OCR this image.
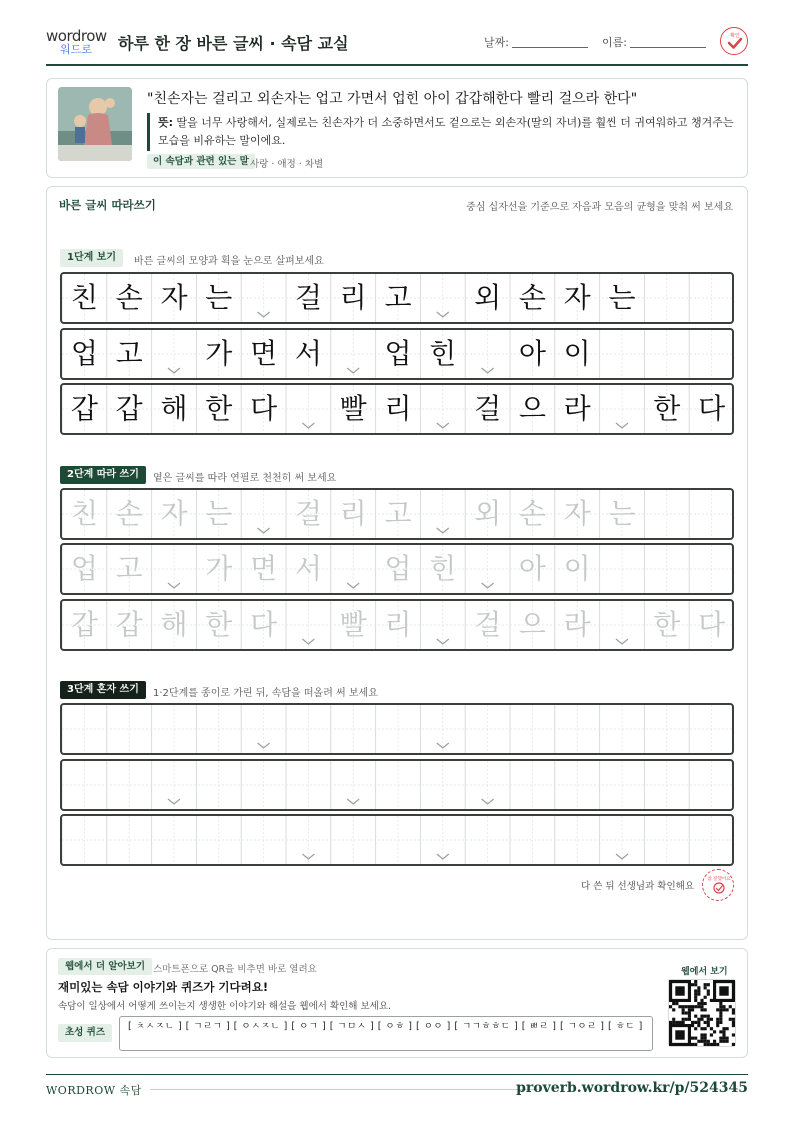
wordrow
워드로	하루 한 장 바른 글씨 · 속담 교실	날짜:	이름:	확인
"친손자는 걸리고 외손자는 업고 가면서 업힌 아이 갑갑해한다 빨리 걸으라 한다"
뜻: 딸을 너무 사랑해서, 실제로는 친손자가 더 소중하면서도 겉으로는 외손자(딸의 자녀)를 훨씬 더 귀여워하고 챙겨주는 모습을 비유하는 말이에요.
이 속담과 관련 있는 말 사랑 · 애정 · 차별
바른 글씨 따라쓰기	중심 십자선을 기준으로 자음과 모음의 균형을 맞춰 써 보세요
1단계 보기	바른 글씨의 모양과 획을 눈으로 살펴보세요
2단계 따라 쓰기	옅은 글씨를 따라 연필로 천천히 써 보세요
3단계 혼자 쓰기	1·2단계를 종이로 가린 뒤, 속담을 떠올려 써 보세요
친 손 자 는 걸 리 고 외 손 자 는
업 고 가 면 서 업 힌 아 이
갑 갑 해 한 다 빨 리 걸 으 라 한 다
친 손 자 는 걸 리 고 외 손 자 는
업 고 가 면 서 업 힌 아 이
갑 갑 해 한 다 빨 리 걸 으 라 한 다
다 쓴 뒤 선생님과 확인해요
참 잘했어요
웹에서 더 알아보기 스마트폰으로 QR을 비추면 바로 열려요
재미있는 속담 이야기와 퀴즈가 기다려요!
속담이 일상에서 어떻게 쓰이는지 생생한 이야기와 해설을 웹에서 확인해 보세요.
초성 퀴즈
[ ㅊㅅㅈㄴ ] [ ㄱㄹㄱ ] [ ㅇㅅㅈㄴ ] [ ㅇㄱ ] [ ㄱㅁㅅ ] [ ㅇㅎ ] [ ㅇㅇ ] [ ㄱㄱㅎㅎㄷ ] [ ㅃㄹ ] [ ㄱㅇㄹ ] [ ㅎㄷ ]
웹에서 보기
WORDROW 속담	proverb.wordrow.kr/p/524345
